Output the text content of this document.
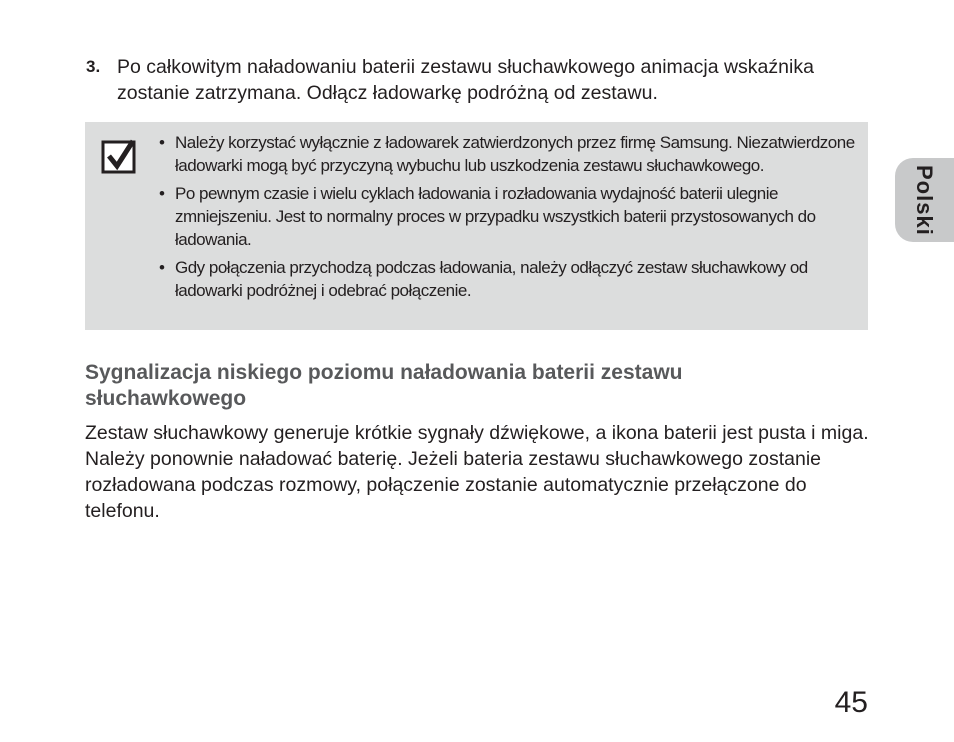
3. Po całkowitym naładowaniu baterii zestawu słuchawkowego animacja wskaźnika zostanie zatrzymana. Odłącz ładowarkę podróżną od zestawu.
• Należy korzystać wyłącznie z ładowarek zatwierdzonych przez firmę Samsung. Niezatwierdzone ładowarki mogą być przyczyną wybuchu lub uszkodzenia zestawu słuchawkowego.
• Po pewnym czasie i wielu cyklach ładowania i rozładowania wydajność baterii ulegnie zmniejszeniu. Jest to normalny proces w przypadku wszystkich baterii przystosowanych do ładowania.
• Gdy połączenia przychodzą podczas ładowania, należy odłączyć zestaw słuchawkowy od ładowarki podróżnej i odebrać połączenie.
Sygnalizacja niskiego poziomu naładowania baterii zestawu słuchawkowego

Zestaw słuchawkowy generuje krótkie sygnały dźwiękowe, a ikona baterii jest pusta i miga. Należy ponownie naładować baterię. Jeżeli bateria zestawu słuchawkowego zostanie rozładowana podczas rozmowy, połączenie zostanie automatycznie przełączone do telefonu.

Polski
45
